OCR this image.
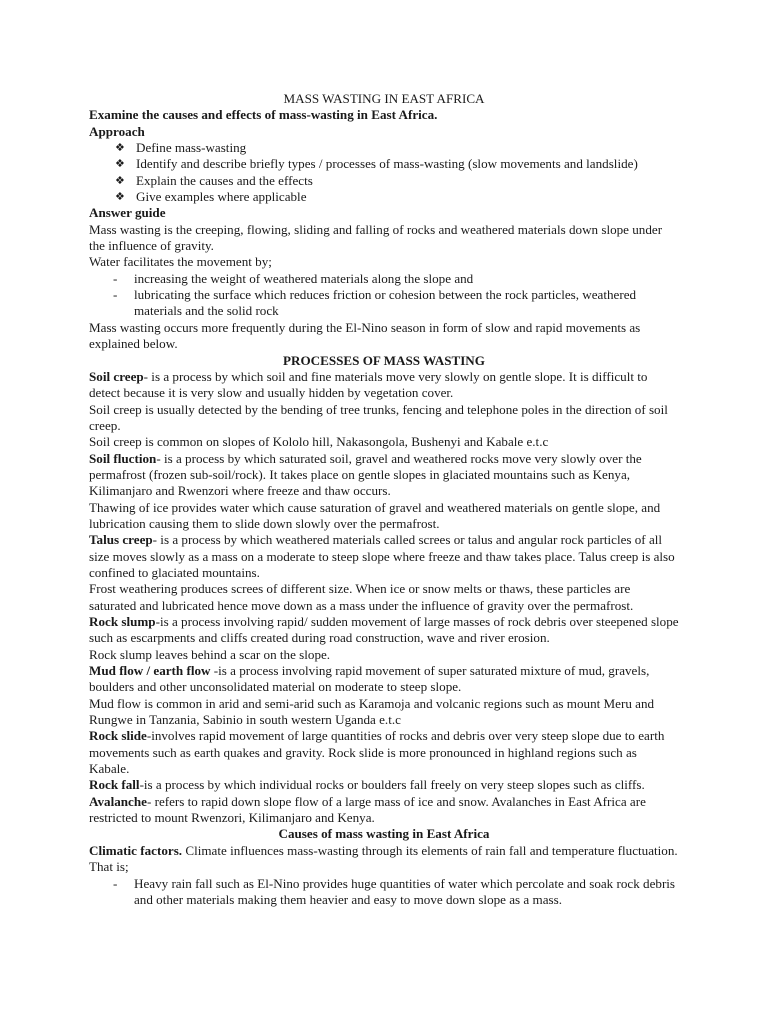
MASS WASTING IN EAST AFRICA

Examine the causes and effects of mass-wasting in East Africa.

Approach

❖ Define mass-wasting
❖ Identify and describe briefly types / processes of mass-wasting (slow movements and landslide)
❖ Explain the causes and the effects
❖ Give examples where applicable

Answer guide

Mass wasting is the creeping, flowing, sliding and falling of rocks and weathered materials down slope under the influence of gravity.

Water facilitates the movement by;

- increasing the weight of weathered materials along the slope and
- lubricating the surface which reduces friction or cohesion between the rock particles, weathered materials and the solid rock

Mass wasting occurs more frequently during the El-Nino season in form of slow and rapid movements as explained below.

PROCESSES OF MASS WASTING

Soil creep- is a process by which soil and fine materials move very slowly on gentle slope. It is difficult to detect because it is very slow and usually hidden by vegetation cover.

Soil creep is usually detected by the bending of tree trunks, fencing and telephone poles in the direction of soil creep.

Soil creep is common on slopes of Kololo hill, Nakasongola, Bushenyi and Kabale e.t.c

Soil fluction- is a process by which saturated soil, gravel and weathered rocks move very slowly over the permafrost (frozen sub-soil/rock). It takes place on gentle slopes in glaciated mountains such as Kenya, Kilimanjaro and Rwenzori where freeze and thaw occurs.

Thawing of ice provides water which cause saturation of gravel and weathered materials on gentle slope, and lubrication causing them to slide down slowly over the permafrost.

Talus creep- is a process by which weathered materials called screes or talus and angular rock particles of all size moves slowly as a mass on a moderate to steep slope where freeze and thaw takes place. Talus creep is also confined to glaciated mountains.

Frost weathering produces screes of different size. When ice or snow melts or thaws, these particles are saturated and lubricated hence move down as a mass under the influence of gravity over the permafrost.

Rock slump-is a process involving rapid/ sudden movement of large masses of rock debris over steepened slope such as escarpments and cliffs created during road construction, wave and river erosion.

Rock slump leaves behind a scar on the slope.

Mud flow / earth flow -is a process involving rapid movement of super saturated mixture of mud, gravels, boulders and other unconsolidated material on moderate to steep slope.

Mud flow is common in arid and semi-arid such as Karamoja and volcanic regions such as mount Meru and Rungwe in Tanzania, Sabinio in south western Uganda e.t.c

Rock slide-involves rapid movement of large quantities of rocks and debris over very steep slope due to earth movements such as earth quakes and gravity. Rock slide is more pronounced in highland regions such as Kabale.

Rock fall-is a process by which individual rocks or boulders fall freely on very steep slopes such as cliffs.

Avalanche- refers to rapid down slope flow of a large mass of ice and snow. Avalanches in East Africa are restricted to mount Rwenzori, Kilimanjaro and Kenya.

Causes of mass wasting in East Africa

Climatic factors. Climate influences mass-wasting through its elements of rain fall and temperature fluctuation. That is;

- Heavy rain fall such as El-Nino provides huge quantities of water which percolate and soak rock debris and other materials making them heavier and easy to move down slope as a mass.
